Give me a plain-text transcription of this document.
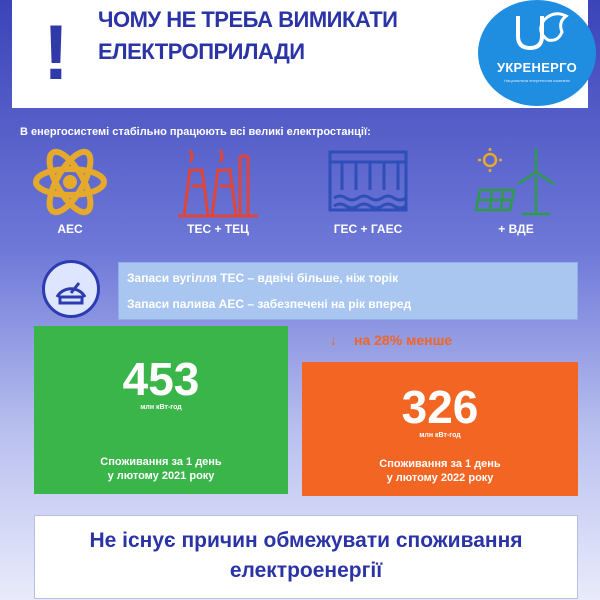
! ЧОМУ НЕ ТРЕБА ВИМИКАТИ
ЕЛЕКТРОПРИЛАДИ
УКРЕНЕРГО
Національна енергетична компанія
В енергосистемі стабільно працюють всі великі електростанції:
АЕС	ТЕС + ТЕЦ	ГЕС + ГАЕС	+ ВДЕ
Запаси вугілля ТЕС – вдвічі більше, ніж торік
Запаси палива АЕС – забезпечені на рік вперед
453
млн кВт-год
Споживання за 1 день
у лютому 2021 року
↓ на 28% менше
326
млн кВт-год
Споживання за 1 день
у лютому 2022 року
Не існує причин обмежувати споживання
електроенергії
